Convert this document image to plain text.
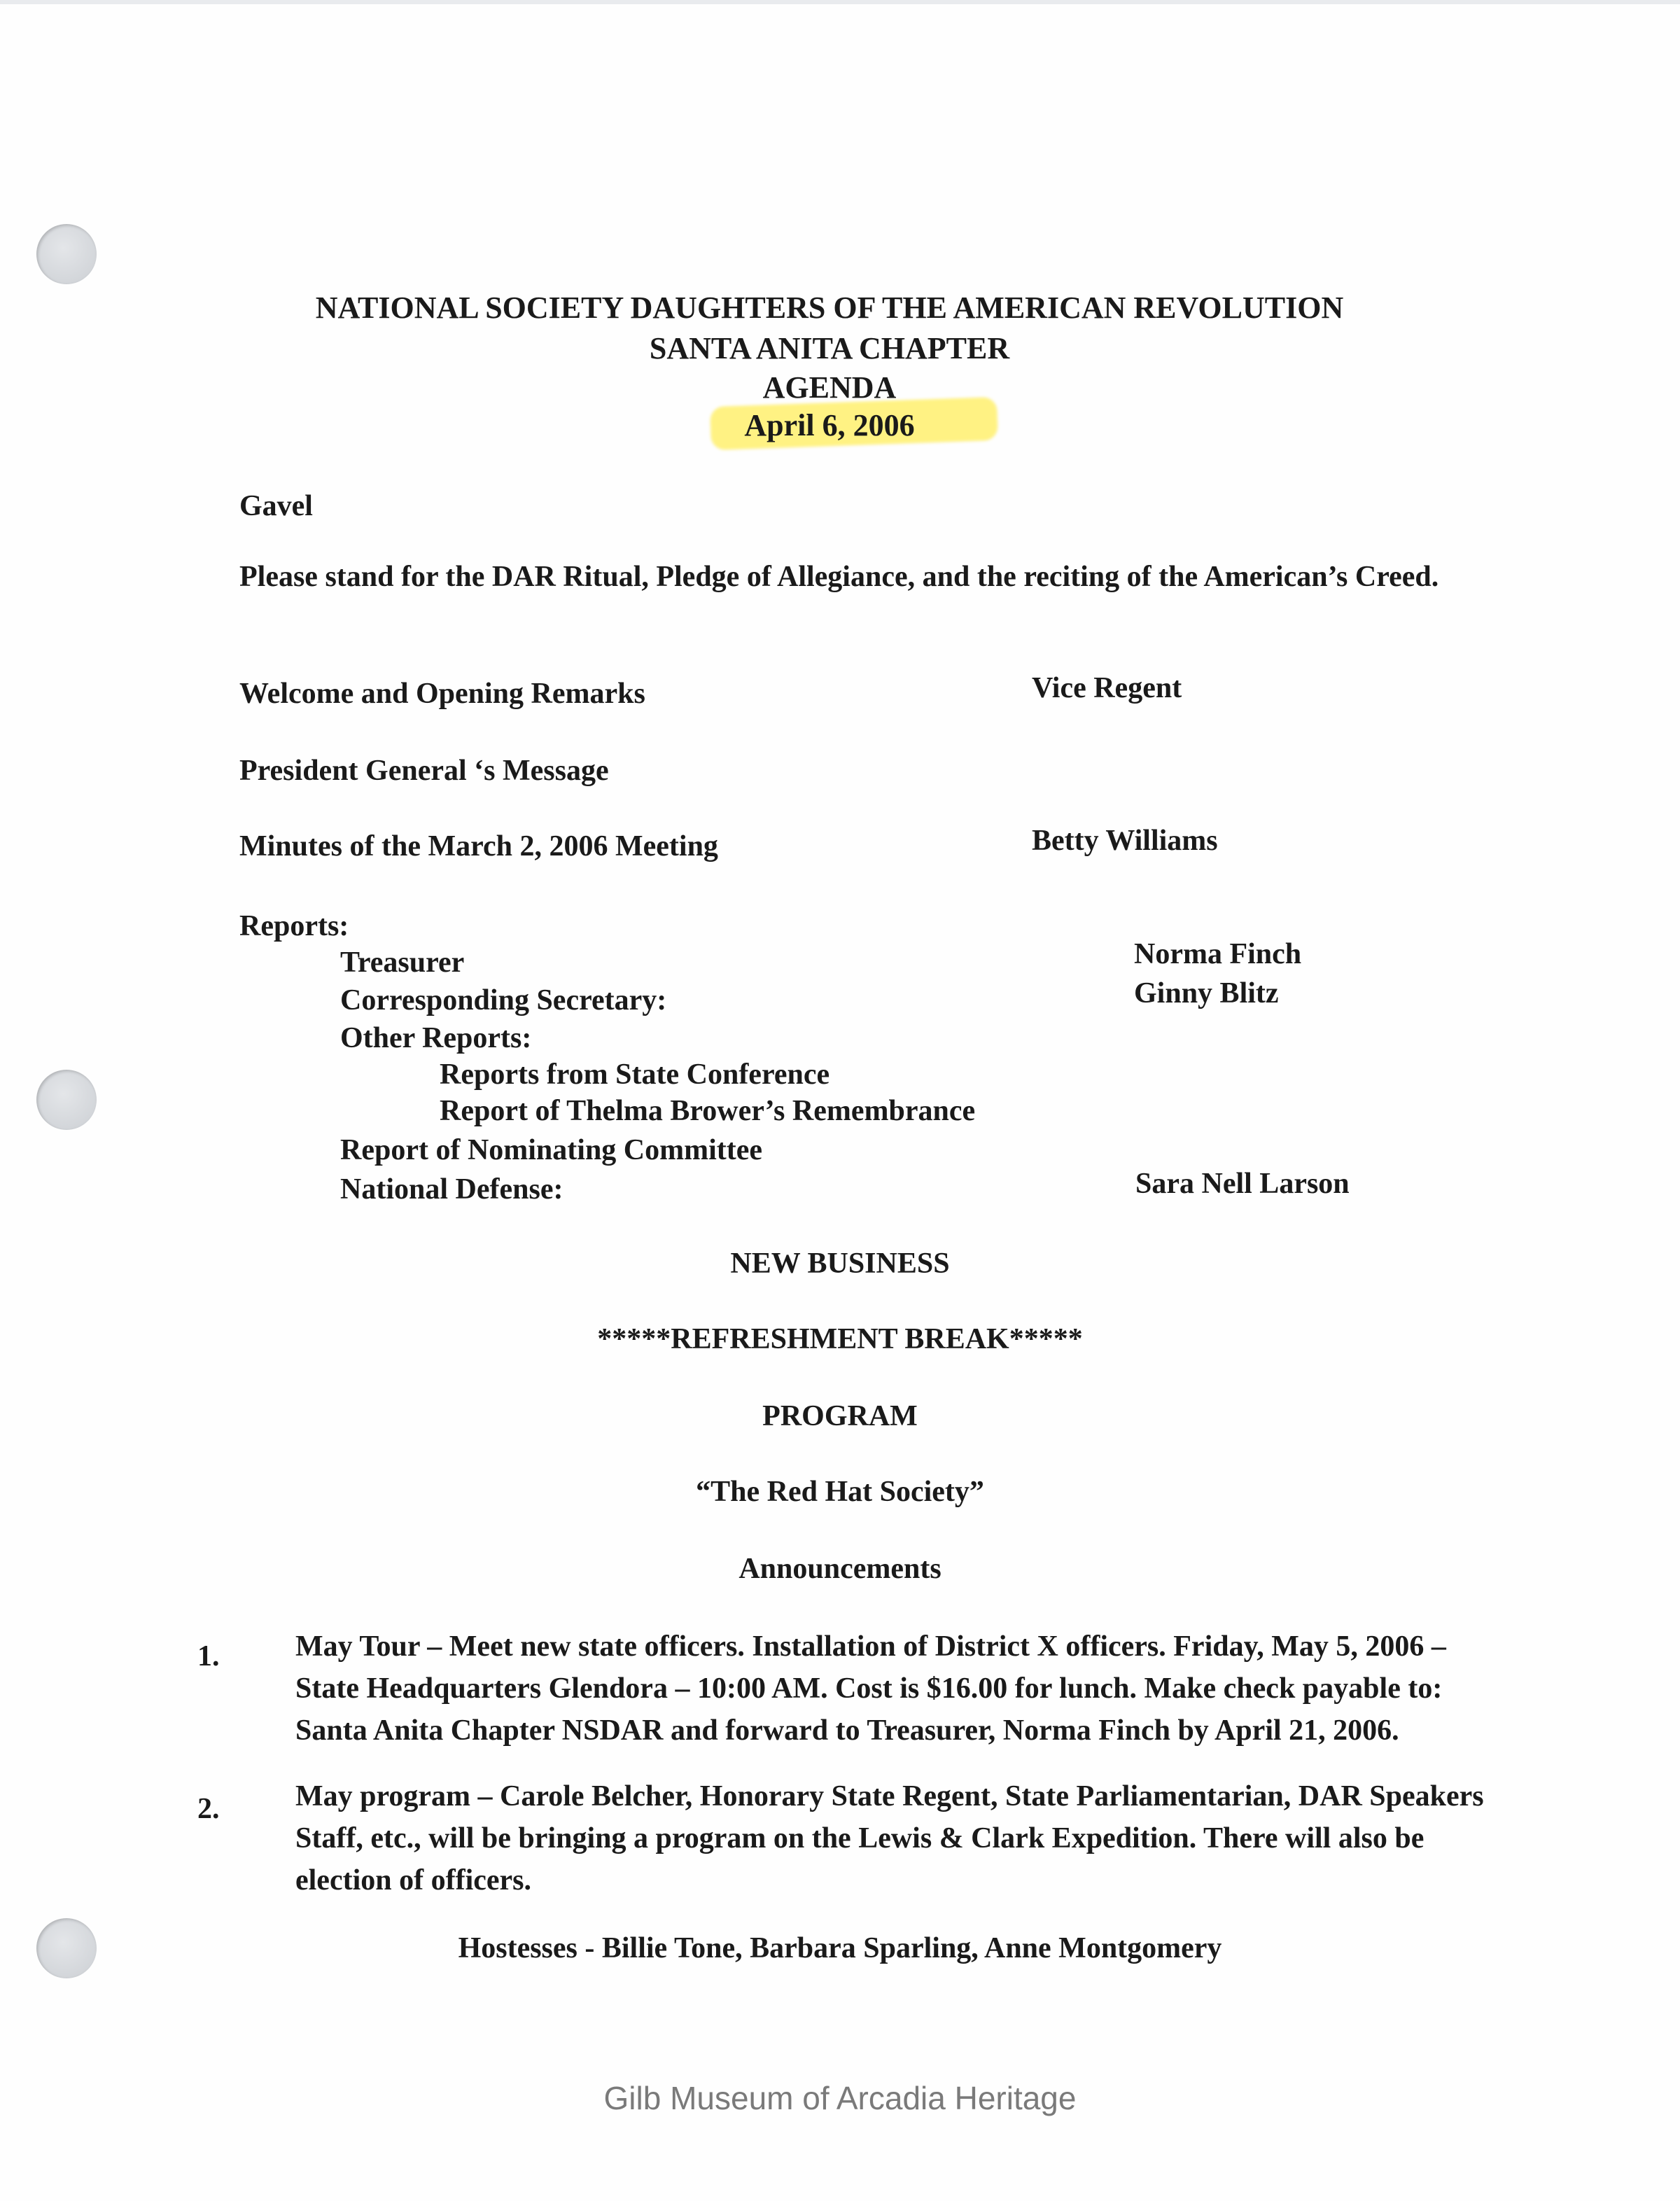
NATIONAL SOCIETY DAUGHTERS OF THE AMERICAN REVOLUTION
SANTA ANITA CHAPTER
AGENDA
April 6, 2006
Gavel
Please stand for the DAR Ritual, Pledge of Allegiance, and the reciting of the American’s Creed.
Welcome and Opening Remarks	Vice Regent
President General ‘s Message
Minutes of the March 2, 2006 Meeting	Betty Williams
Reports:
Treasurer	Norma Finch
Corresponding Secretary:	Ginny Blitz
Other Reports:
Reports from State Conference
Report of Thelma Brower’s Remembrance
Report of Nominating Committee
National Defense:	Sara Nell Larson
NEW BUSINESS
*****REFRESHMENT BREAK*****
PROGRAM
“The Red Hat Society”
Announcements
1.	May Tour – Meet new state officers. Installation of District X officers. Friday, May 5, 2006 – State Headquarters Glendora – 10:00 AM. Cost is $16.00 for lunch. Make check payable to: Santa Anita Chapter NSDAR and forward to Treasurer, Norma Finch by April 21, 2006.
2.	May program – Carole Belcher, Honorary State Regent, State Parliamentarian, DAR Speakers Staff, etc., will be bringing a program on the Lewis & Clark Expedition. There will also be election of officers.
Hostesses - Billie Tone, Barbara Sparling, Anne Montgomery
Gilb Museum of Arcadia Heritage
